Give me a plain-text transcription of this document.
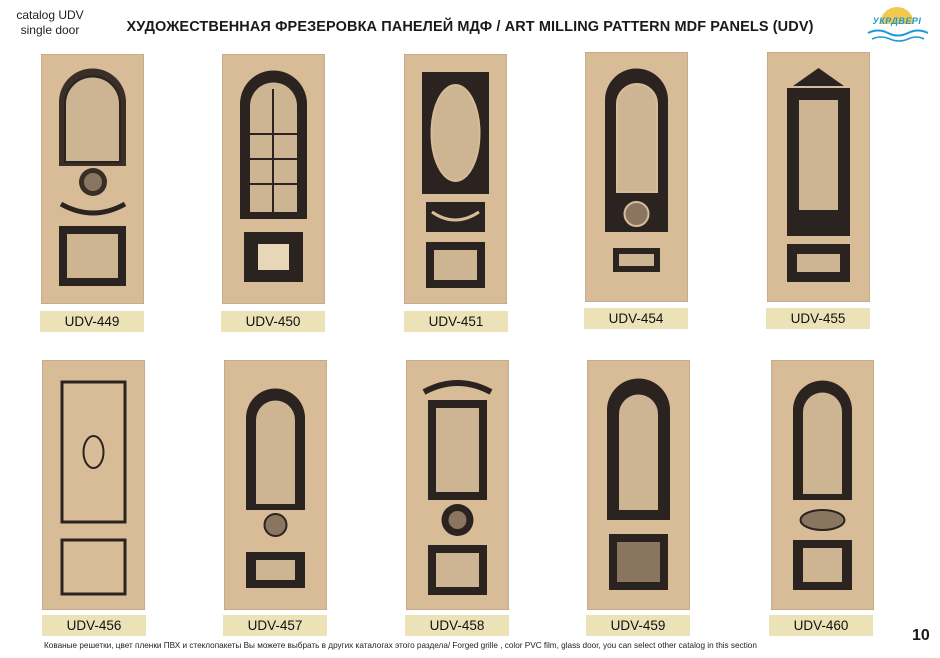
catalog UDV
single door	ХУДОЖЕСТВЕННАЯ ФРЕЗЕРОВКА ПАНЕЛЕЙ МДФ / ART MILLING PATTERN MDF PANELS (UDV)	УКРДВЕРІ
UDV-449	UDV-450	UDV-451	UDV-454	UDV-455
UDV-456	UDV-457	UDV-458	UDV-459	UDV-460
Кованые решетки, цвет пленки ПВХ и стеклопакеты Вы можете выбрать в других каталогах этого раздела/ Forged grille , color PVC film, glass door, you can select other catalog in this section
10
